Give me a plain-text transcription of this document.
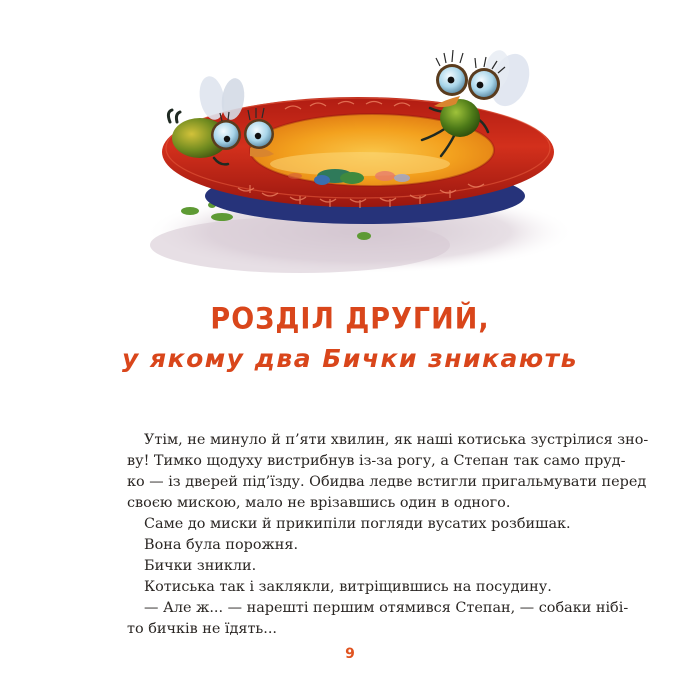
РОЗДІЛ ДРУГИЙ,
у якому два Бички зникають
Утім, не минуло й п’яти хвилин, як наші котиська зустрілися зно-
ву! Тимко щодуху вистрибнув із-за рогу, а Степан так само пруд-
ко — із дверей під’їзду. Обидва ледве встигли пригальмувати перед
своєю мискою, мало не врізавшись один в одного.
Саме до миски й прикипіли погляди вусатих розбишак.
Вона була порожня.
Бички зникли.
Котиська так і заклякли, витріщившись на посудину.
— Але ж... — нарешті першим отямився Степан, — собаки нібі-
то бичків не їдять...
9
